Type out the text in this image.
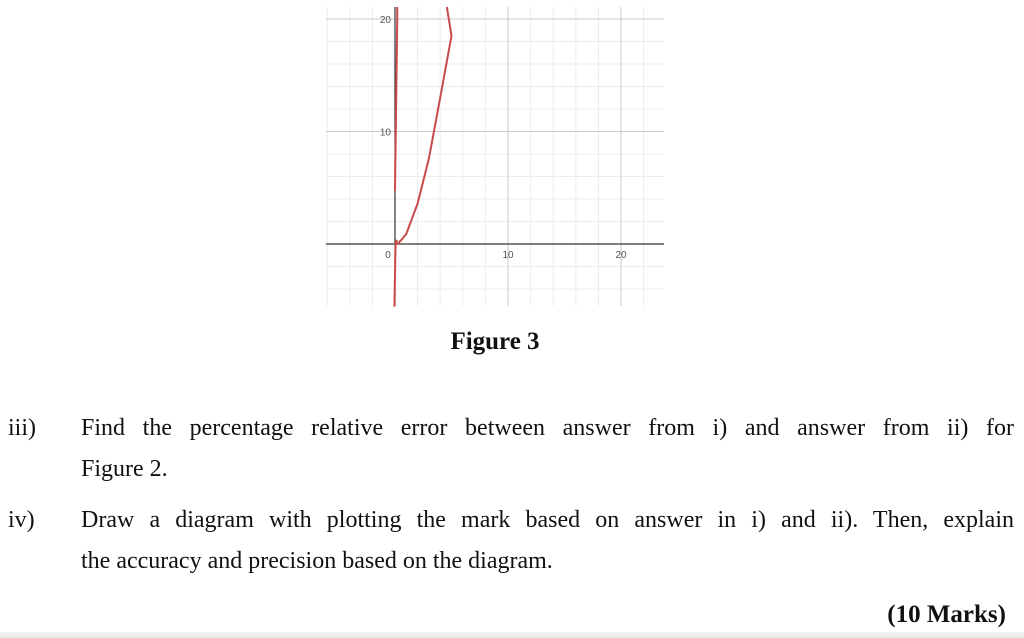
0	10	20
10
20
Figure 3
iii) Find the percentage relative error between answer from i) and answer from ii) for
Figure 2.
iv) Draw a diagram with plotting the mark based on answer in i) and ii). Then, explain
the accuracy and precision based on the diagram.
(10 Marks)
